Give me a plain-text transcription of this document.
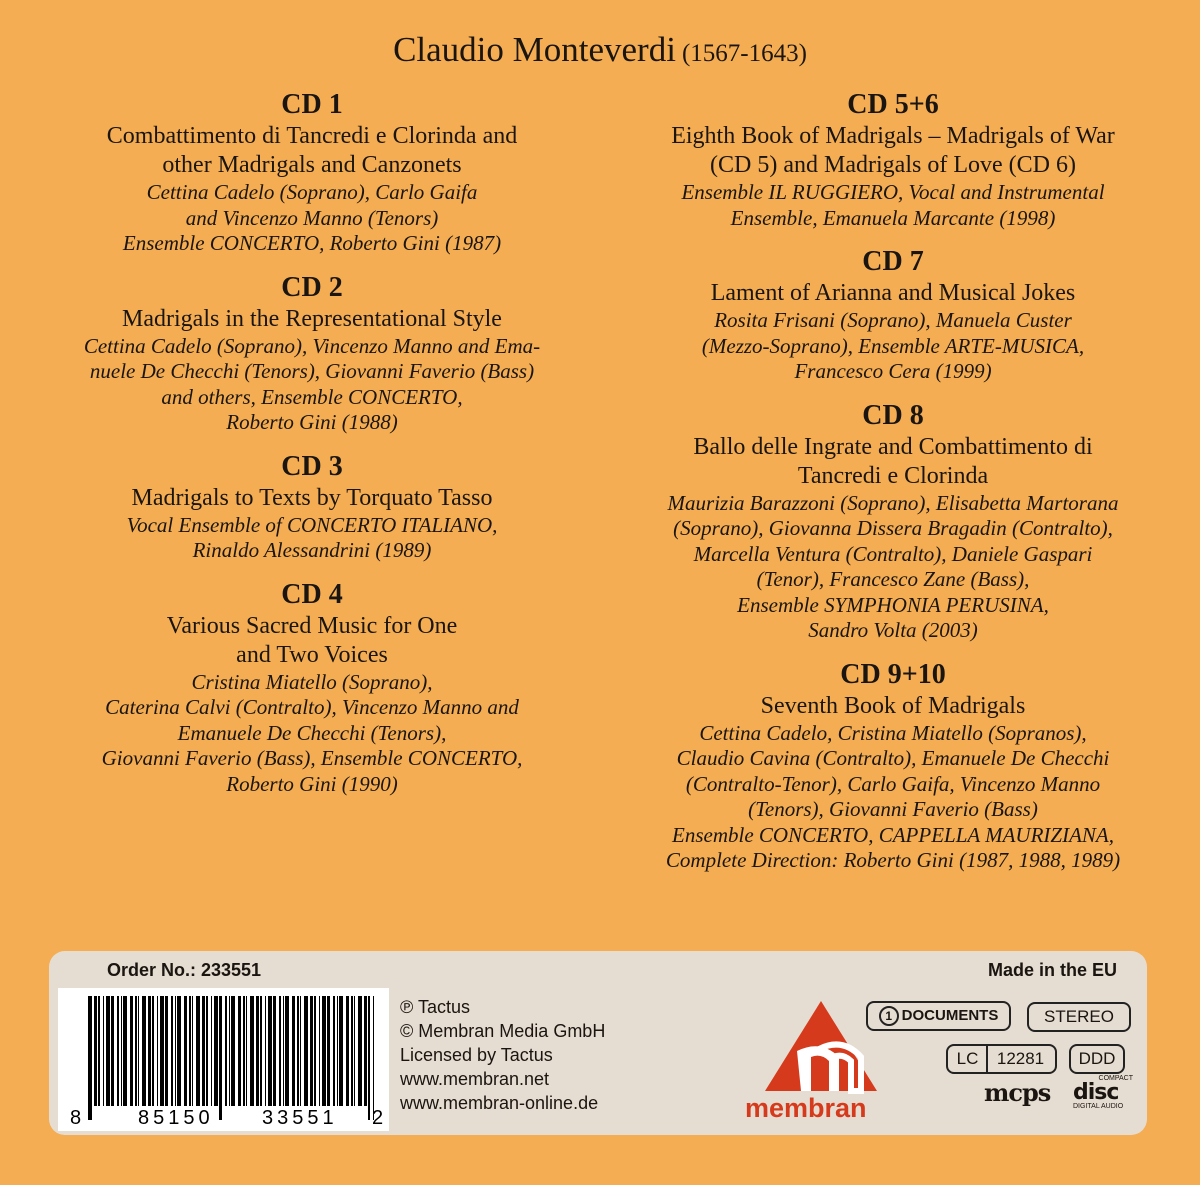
Claudio Monteverdi (1567-1643)
CD 1
Combattimento di Tancredi e Clorinda and
other Madrigals and Canzonets
Cettina Cadelo (Soprano), Carlo Gaifa
and Vincenzo Manno (Tenors)
Ensemble CONCERTO, Roberto Gini (1987)
CD 2
Madrigals in the Representational Style
Cettina Cadelo (Soprano), Vincenzo Manno and Ema-
nuele De Checchi (Tenors), Giovanni Faverio (Bass)
and others, Ensemble CONCERTO,
Roberto Gini (1988)
CD 3
Madrigals to Texts by Torquato Tasso
Vocal Ensemble of CONCERTO ITALIANO,
Rinaldo Alessandrini (1989)
CD 4
Various Sacred Music for One
and Two Voices
Cristina Miatello (Soprano),
Caterina Calvi (Contralto), Vincenzo Manno and
Emanuele De Checchi (Tenors),
Giovanni Faverio (Bass), Ensemble CONCERTO,
Roberto Gini (1990)
CD 5+6
Eighth Book of Madrigals – Madrigals of War
(CD 5) and Madrigals of Love (CD 6)
Ensemble IL RUGGIERO, Vocal and Instrumental
Ensemble, Emanuela Marcante (1998)
CD 7
Lament of Arianna and Musical Jokes
Rosita Frisani (Soprano), Manuela Custer
(Mezzo-Soprano), Ensemble ARTE-MUSICA,
Francesco Cera (1999)
CD 8
Ballo delle Ingrate and Combattimento di
Tancredi e Clorinda
Maurizia Barazzoni (Soprano), Elisabetta Martorana
(Soprano), Giovanna Dissera Bragadin (Contralto),
Marcella Ventura (Contralto), Daniele Gaspari
(Tenor), Francesco Zane (Bass),
Ensemble SYMPHONIA PERUSINA,
Sandro Volta (2003)
CD 9+10
Seventh Book of Madrigals
Cettina Cadelo, Cristina Miatello (Sopranos),
Claudio Cavina (Contralto), Emanuele De Checchi
(Contralto-Tenor), Carlo Gaifa, Vincenzo Manno
(Tenors), Giovanni Faverio (Bass)
Ensemble CONCERTO, CAPPELLA MAURIZIANA,
Complete Direction: Roberto Gini (1987, 1988, 1989)
Order No.: 233551	Made in the EU
8	85150 33551 2
℗ Tactus
© Membran Media GmbH
Licensed by Tactus
www.membran.net
www.membran-online.de	membran
1 DOCUMENTS	STEREO
LC 12281	DDD
mcps	COMPACT
disc
DIGITAL AUDIO
